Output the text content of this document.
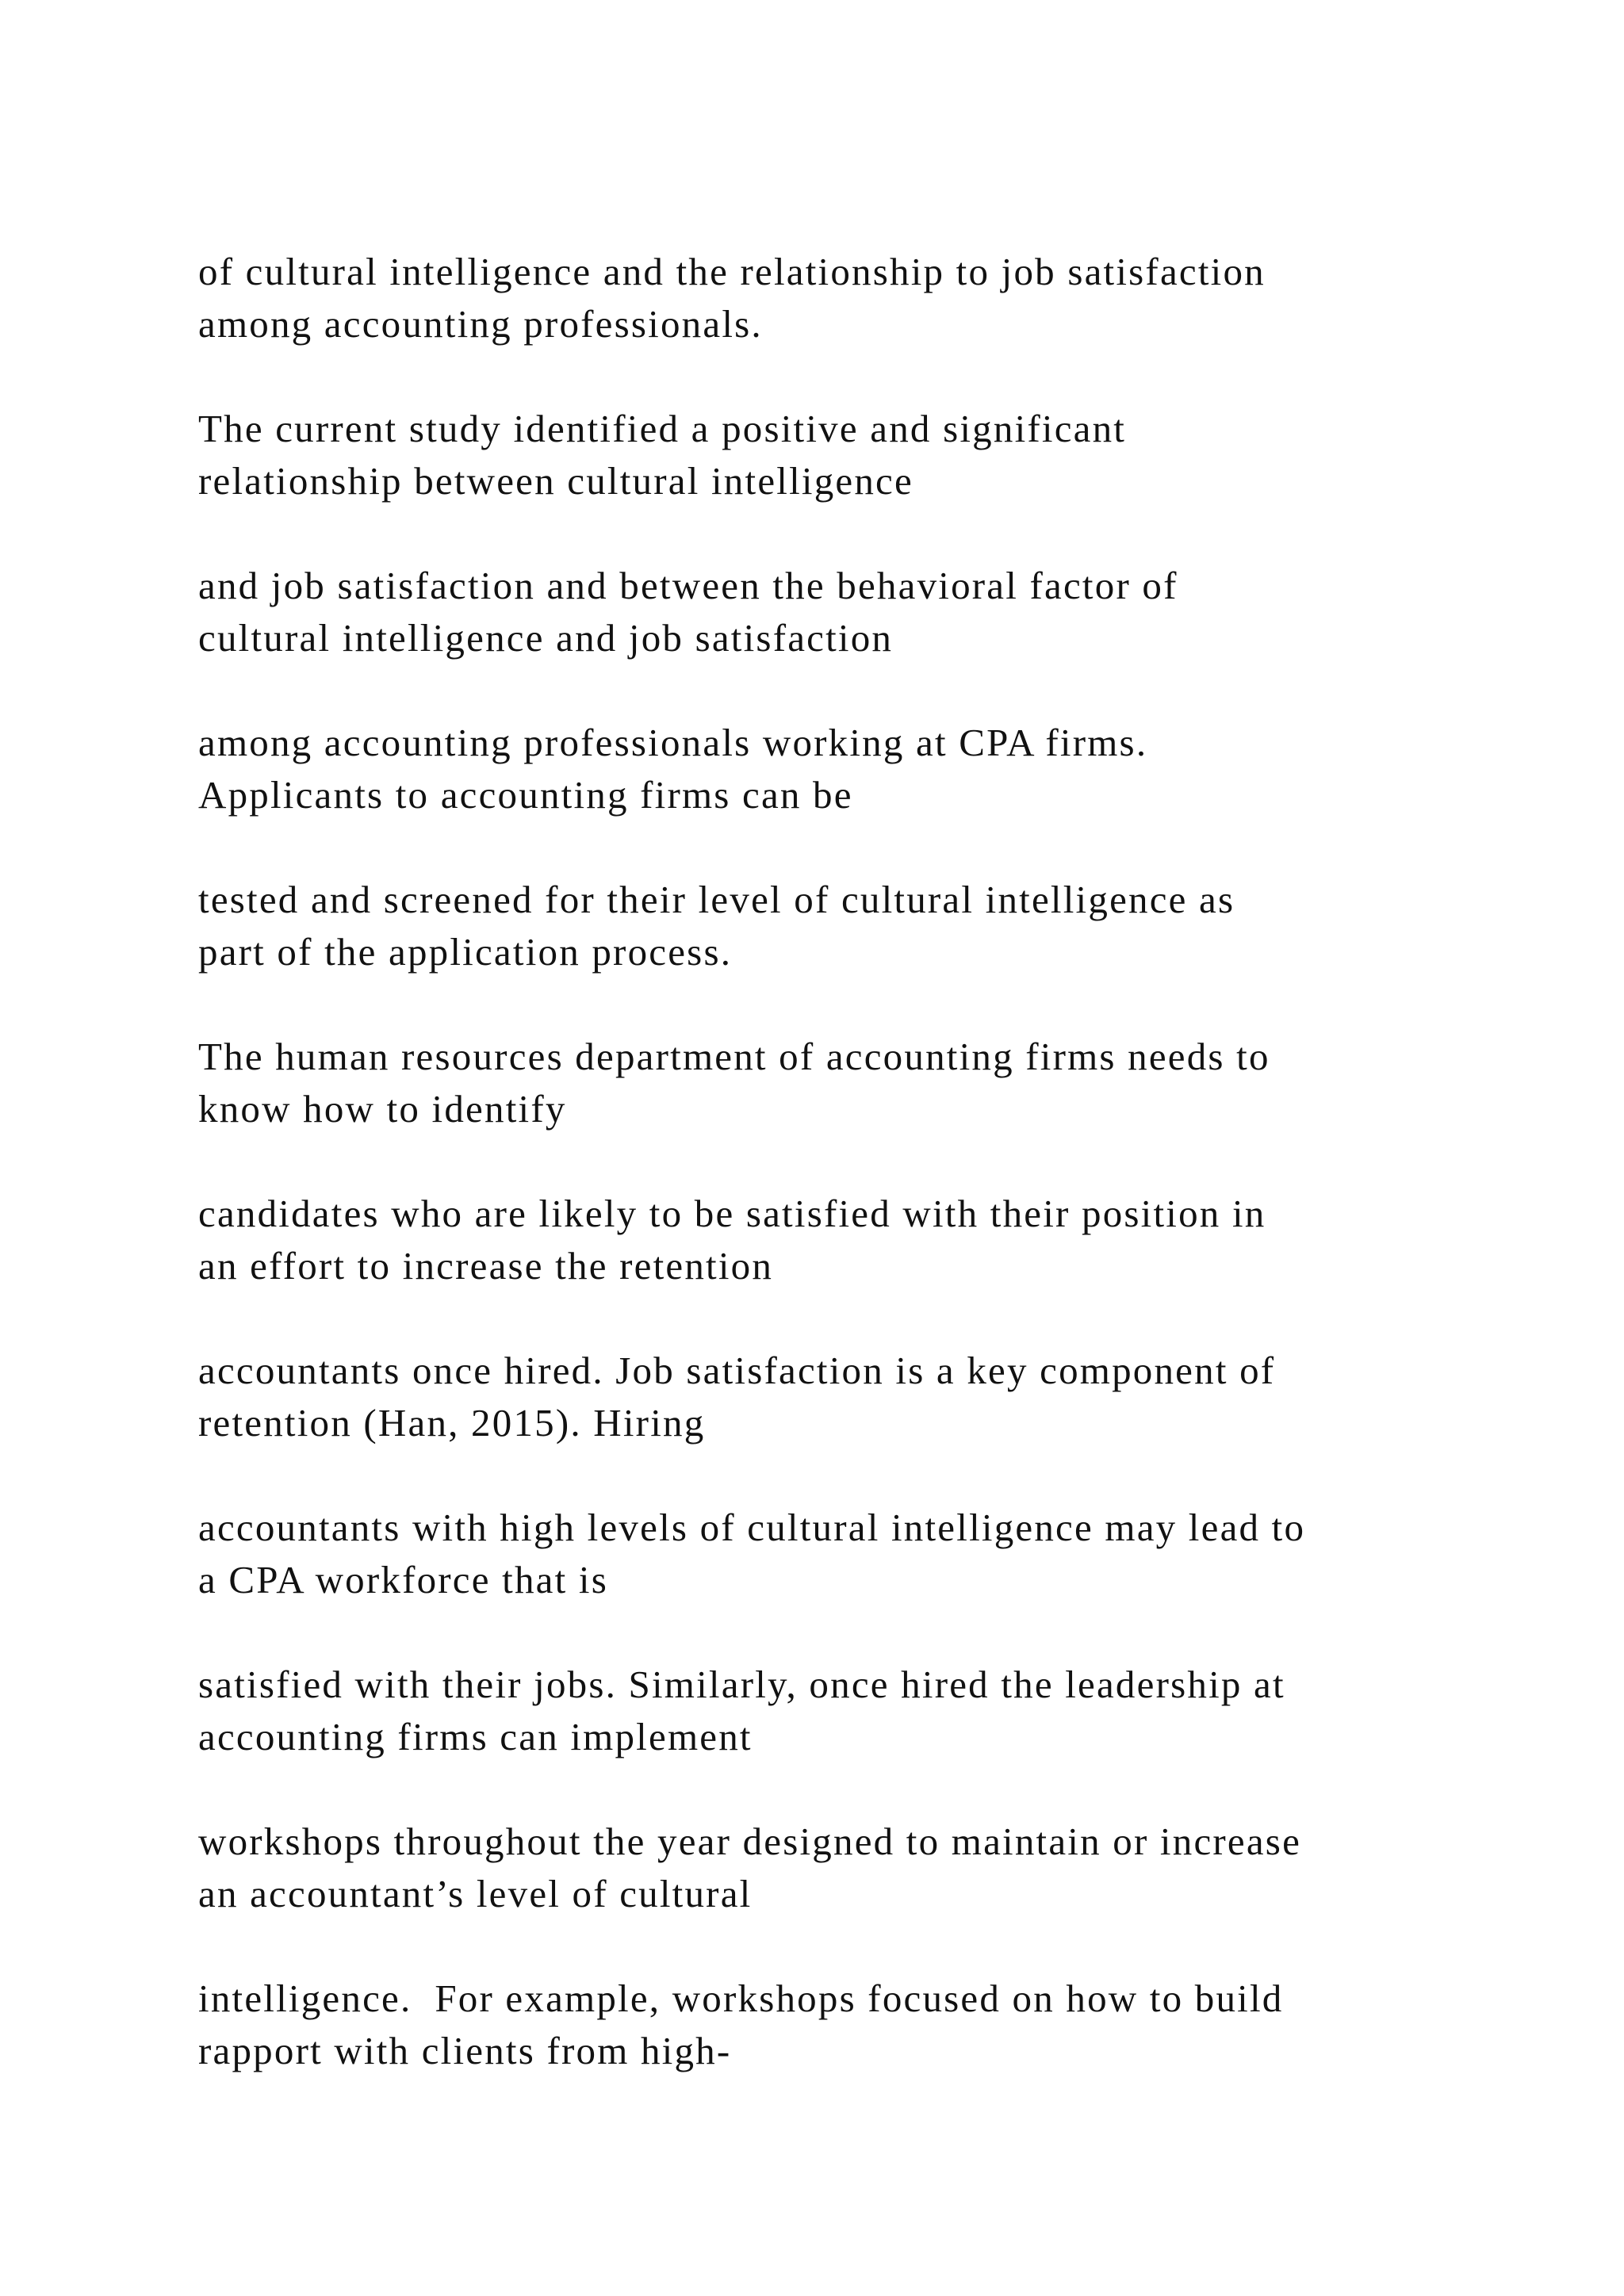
of cultural intelligence and the relationship to job satisfaction
among accounting professionals.

The current study identified a positive and significant
relationship between cultural intelligence

and job satisfaction and between the behavioral factor of
cultural intelligence and job satisfaction

among accounting professionals working at CPA firms.
Applicants to accounting firms can be

tested and screened for their level of cultural intelligence as
part of the application process.

The human resources department of accounting firms needs to
know how to identify

candidates who are likely to be satisfied with their position in
an effort to increase the retention

accountants once hired. Job satisfaction is a key component of
retention (Han, 2015). Hiring

accountants with high levels of cultural intelligence may lead to
a CPA workforce that is

satisfied with their jobs. Similarly, once hired the leadership at
accounting firms can implement

workshops throughout the year designed to maintain or increase
an accountant’s level of cultural

intelligence.  For example, workshops focused on how to build
rapport with clients from high-
